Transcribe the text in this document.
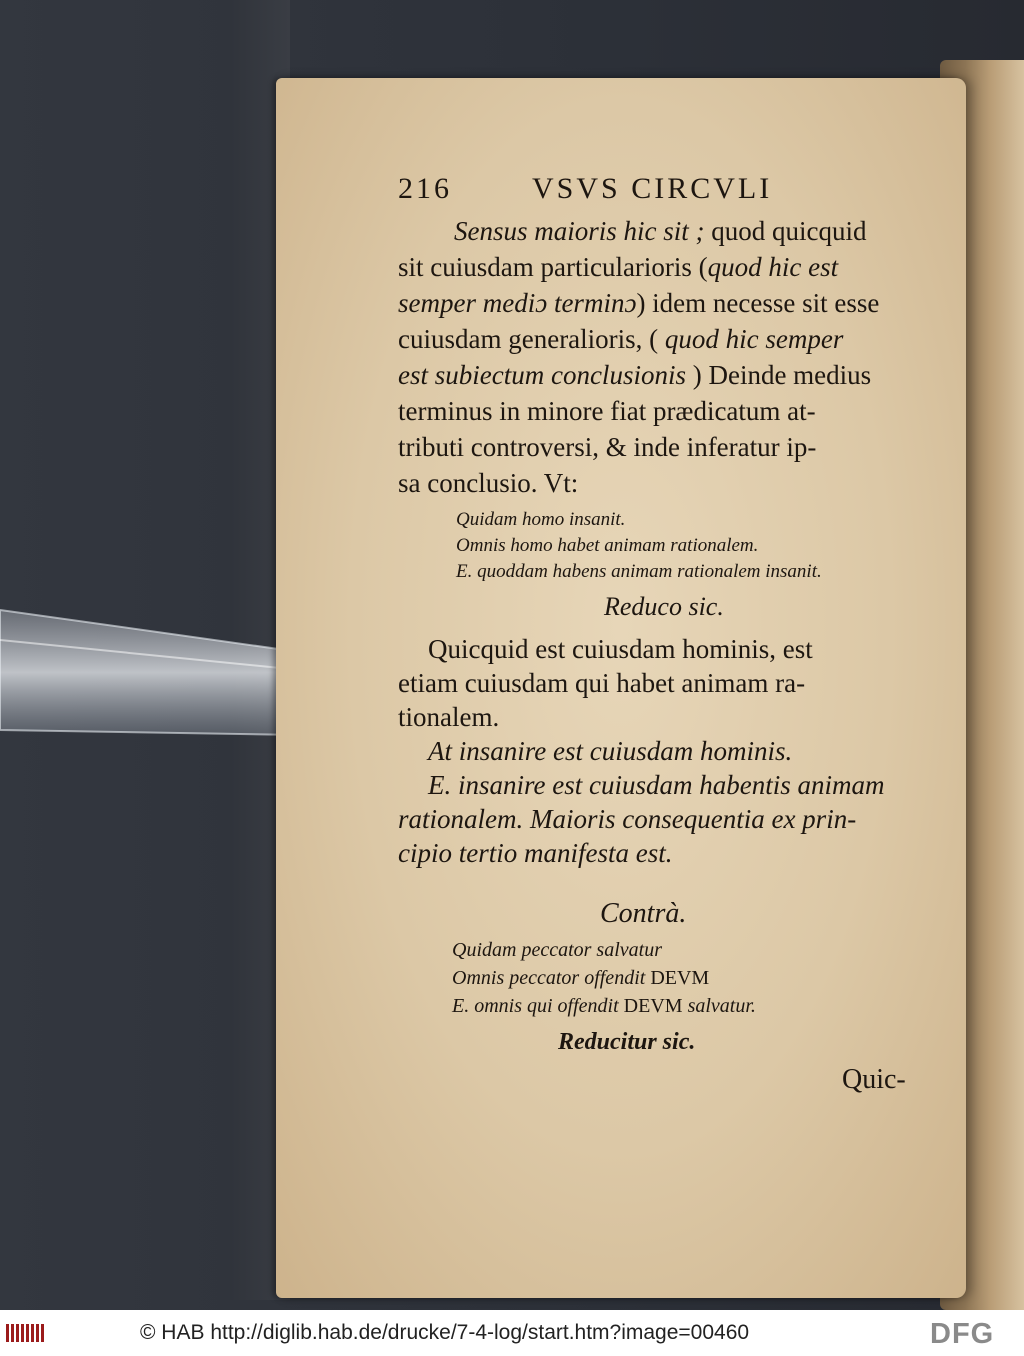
216	VSVS CIRCVLI
Sensus maioris hic sit ; quod quicquid
sit cuiusdam particularioris (quod hic est
semper mediɔ terminɔ) idem necesse sit esse
cuiusdam generalioris, ( quod hic semper
est subiectum conclusionis ) Deinde medius
terminus in minore fiat prædicatum at-
tributi controversi, & inde inferatur ip-
sa conclusio. Vt:
Quidam homo insanit.
Omnis homo habet animam rationalem.
E. quoddam habens animam rationalem insanit.
Reduco sic.
Quicquid est cuiusdam hominis, est
etiam cuiusdam qui habet animam ra-
tionalem.
At insanire est cuiusdam hominis.
E. insanire est cuiusdam habentis animam
rationalem. Maioris consequentia ex prin-
cipio tertio manifesta est.
Contrà.
Quidam peccator salvatur
Omnis peccator offendit DEVM
E. omnis qui offendit DEVM salvatur.
Reducitur sic.
Quic-
© HAB http://diglib.hab.de/drucke/7-4-log/start.htm?image=00460	DFG
